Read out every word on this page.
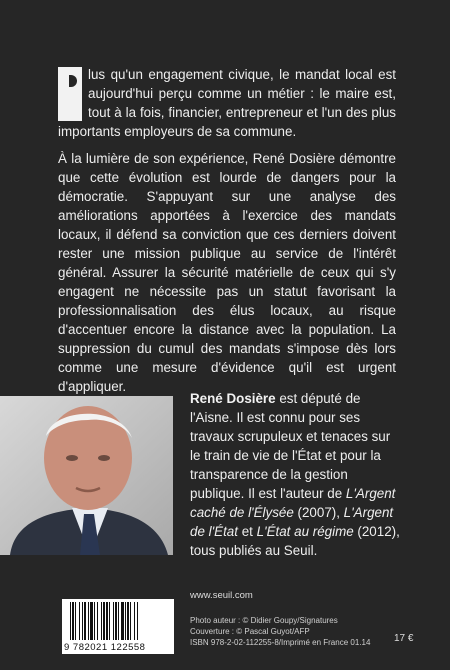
lus qu'un engagement civique, le mandat local est aujourd'hui perçu comme un métier : le maire est, tout à la fois, financier, entrepreneur et l'un des plus importants employeurs de sa commune.
À la lumière de son expérience, René Dosière démontre que cette évolution est lourde de dangers pour la démocratie. S'appuyant sur une analyse des améliorations apportées à l'exercice des mandats locaux, il défend sa conviction que ces derniers doivent rester une mission publique au service de l'intérêt général. Assurer la sécurité matérielle de ceux qui s'y engagent ne nécessite pas un statut favorisant la professionnalisation des élus locaux, au risque d'accentuer encore la distance avec la population. La suppression du cumul des mandats s'impose dès lors comme une mesure d'évidence qu'il est urgent d'appliquer.
René Dosière est député de l'Aisne. Il est connu pour ses travaux scrupuleux et tenaces sur le train de vie de l'État et pour la transparence de la gestion publique. Il est l'auteur de L'Argent caché de l'Élysée (2007), L'Argent de l'État et L'État au régime (2012), tous publiés au Seuil.
9 782021 122558
www.seuil.com
Photo auteur : © Didier Goupy/Signatures
Couverture : © Pascal Guyot/AFP
ISBN 978-2-02-112255-8/Imprimé en France 01.14	17 €
